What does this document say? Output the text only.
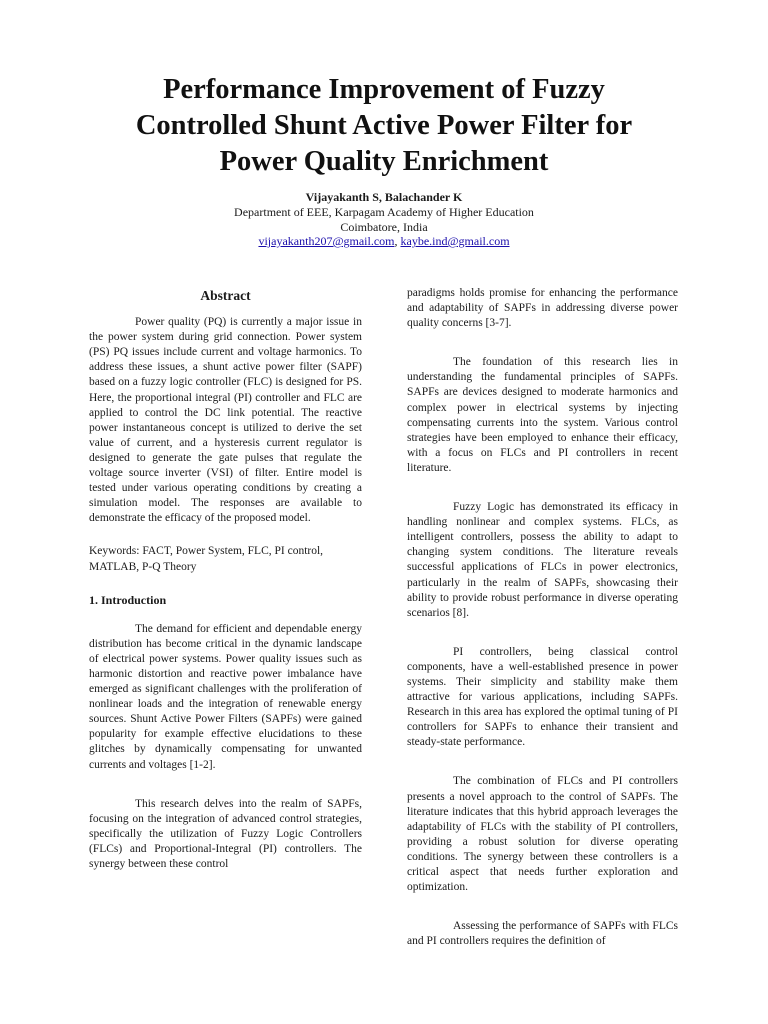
Performance Improvement of Fuzzy
Controlled Shunt Active Power Filter for
Power Quality Enrichment
Vijayakanth S, Balachander K
Department of EEE, Karpagam Academy of Higher Education
Coimbatore, India
vijayakanth207@gmail.com, kaybe.ind@gmail.com
Abstract

Power quality (PQ) is currently a major issue in the power system during grid connection. Power system (PS) PQ issues include current and voltage harmonics. To address these issues, a shunt active power filter (SAPF) based on a fuzzy logic controller (FLC) is designed for PS. Here, the proportional integral (PI) controller and FLC are applied to control the DC link potential. The reactive power instantaneous concept is utilized to derive the set value of current, and a hysteresis current regulator is designed to generate the gate pulses that regulate the voltage source inverter (VSI) of filter. Entire model is tested under various operating conditions by creating a simulation model. The responses are available to demonstrate the efficacy of the proposed model.

Keywords: FACT, Power System, FLC, PI control, MATLAB, P-Q Theory

1. Introduction

The demand for efficient and dependable energy distribution has become critical in the dynamic landscape of electrical power systems. Power quality issues such as harmonic distortion and reactive power imbalance have emerged as significant challenges with the proliferation of nonlinear loads and the integration of renewable energy sources. Shunt Active Power Filters (SAPFs) were gained popularity for example effective elucidations to these glitches by dynamically compensating for unwanted currents and voltages [1-2].

This research delves into the realm of SAPFs, focusing on the integration of advanced control strategies, specifically the utilization of Fuzzy Logic Controllers (FLCs) and Proportional-Integral (PI) controllers. The synergy between these control

paradigms holds promise for enhancing the performance and adaptability of SAPFs in addressing diverse power quality concerns [3-7].

The foundation of this research lies in understanding the fundamental principles of SAPFs. SAPFs are devices designed to moderate harmonics and complex power in electrical systems by injecting compensating currents into the system. Various control strategies have been employed to enhance their efficacy, with a focus on FLCs and PI controllers in recent literature.

Fuzzy Logic has demonstrated its efficacy in handling nonlinear and complex systems. FLCs, as intelligent controllers, possess the ability to adapt to changing system conditions. The literature reveals successful applications of FLCs in power electronics, particularly in the realm of SAPFs, showcasing their ability to provide robust performance in diverse operating scenarios [8].

PI controllers, being classical control components, have a well-established presence in power systems. Their simplicity and stability make them attractive for various applications, including SAPFs. Research in this area has explored the optimal tuning of PI controllers for SAPFs to enhance their transient and steady-state performance.

The combination of FLCs and PI controllers presents a novel approach to the control of SAPFs. The literature indicates that this hybrid approach leverages the adaptability of FLCs with the stability of PI controllers, providing a robust solution for diverse operating conditions. The synergy between these controllers is a critical aspect that needs further exploration and optimization.

Assessing the performance of SAPFs with FLCs and PI controllers requires the definition of
